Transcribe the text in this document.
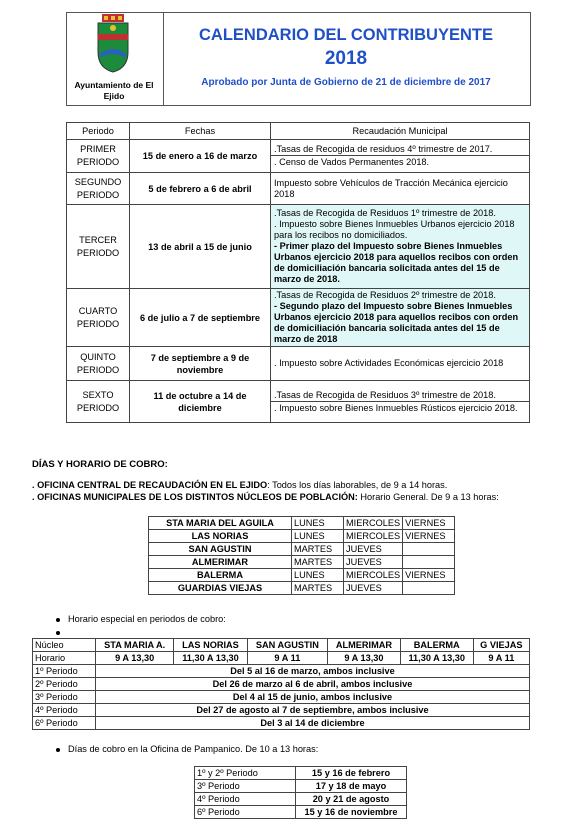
Ayuntamiento de El Ejido
CALENDARIO DEL CONTRIBUYENTE
2018
Aprobado por Junta de Gobierno de 21 de diciembre de 2017
Periodo	Fechas	Recaudación Municipal
PRIMER PERIODO	15 de enero a 16 de marzo	.Tasas de Recogida de residuos 4º trimestre de 2017.
. Censo de Vados Permanentes 2018.

SEGUNDO PERIODO	5 de febrero a 6 de abril	Impuesto sobre Vehículos de Tracción Mecánica ejercicio 2018

TERCER PERIODO	13 de abril a 15 de junio	.Tasas de Recogida de Residuos 1º trimestre de 2018.
. Impuesto sobre Bienes Inmuebles Urbanos ejercicio 2018 para los recibos no domiciliados.
- Primer plazo del Impuesto sobre Bienes Inmuebles Urbanos ejercicio 2018 para aquellos recibos con orden de domiciliación bancaria solicitada antes del 15 de marzo de 2018.

CUARTO PERIODO	6 de julio a 7 de septiembre	.Tasas de Recogida de Residuos 2º trimestre de 2018.
- Segundo plazo del Impuesto sobre Bienes Inmuebles Urbanos ejercicio 2018 para aquellos recibos con orden de domiciliación bancaria solicitada antes del 15 de marzo de 2018

QUINTO PERIODO	7 de septiembre a 9 de noviembre	. Impuesto sobre Actividades Económicas ejercicio 2018

SEXTO PERIODO	11 de octubre a 14 de diciembre	.Tasas de Recogida de Residuos 3º trimestre de 2018.
. Impuesto sobre Bienes Inmuebles Rústicos ejercicio 2018.
DÍAS Y HORARIO DE COBRO:
. OFICINA CENTRAL DE RECAUDACIÓN EN EL EJIDO: Todos los días laborables, de 9 a 14 horas.
. OFICINAS MUNICIPALES DE LOS DISTINTOS NÚCLEOS DE POBLACIÓN: Horario General. De 9 a 13 horas:
STA MARIA DEL AGUILA	LUNES	MIERCOLES	VIERNES
LAS NORIAS	LUNES	MIERCOLES	VIERNES
SAN AGUSTIN	MARTES	JUEVES	
ALMERIMAR	MARTES	JUEVES	
BALERMA	LUNES	MIERCOLES	VIERNES
GUARDIAS VIEJAS	MARTES	JUEVES	
Horario especial en periodos de cobro:
Núcleo	STA MARIA A.	LAS NORIAS	SAN AGUSTIN	ALMERIMAR	BALERMA	G VIEJAS
Horario	9 A 13,30	11,30 A 13,30	9 A 11	9 A 13,30	11,30 A 13,30	9 A 11
1º Periodo	Del 5 al 16 de marzo, ambos inclusive					
2º Periodo	Del 26 de marzo al 6 de abril, ambos inclusive					
3º Periodo	Del 4 al 15 de junio, ambos inclusive					
4º Periodo	Del 27 de agosto al 7 de septiembre, ambos inclusive					
6º Periodo	Del 3 al 14 de diciembre					
Días de cobro en la Oficina de Pampanico. De 10 a 13 horas:
1º y 2º Periodo	15 y 16 de febrero
3º Periodo	17 y 18 de mayo
4º Periodo	20 y 21 de agosto
6º Periodo	15 y 16 de noviembre
